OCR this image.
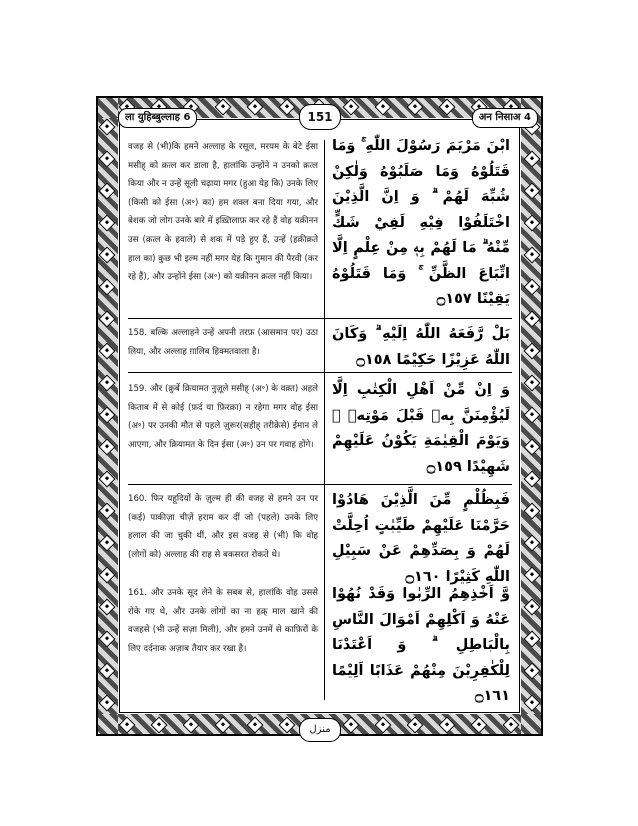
ला युहिब्बुल्लाह 6	151	अन निसाअ 4
वजह से (भी)कि हमने अल्लाह के रसूल, मरयम के बेटे ईसा मसीह् को क़त्ल कर डाला है, हालांकि उन्होंने न उनको क़त्ल किया और न उन्हें सूली चढ़ाया मगर (हुआ येह कि) उनके लिए (किसी को ईसा (अ॰) का) हम शक्ल बना दिया गया, और बेशक जो लोग उनके बारे में इख़्तिलाफ़ कर रहे हैं वोह यक़ीनन उस (क़त्ल के हवाले) से शक में पड़े हुए हैं, उन्हें (हक़ीक़ते हाल का) कुछ भी इल्म नहीं मगर येह कि गुमान की पैरवी (कर रहे हैं), और उन्होंने ईसा (अ॰) को यक़ीनन क़त्ल नहीं किया।
ابْنَ مَرْيَمَ رَسُوْلَ اللّٰهِ ۚ وَمَا قَتَلُوْهُ وَمَا صَلَبُوْهُ وَلٰكِنْ شُبِّهَ لَهُمْ ۗ وَ اِنَّ الَّذِيْنَ اخْتَلَفُوْا فِيْهِ لَفِيْ شَكٍّ مِّنْهُ ۗ مَا لَهُمْ بِهٖ مِنْ عِلْمٍ اِلَّا اتِّبَاعَ الظَّنِّ ۚ وَمَا قَتَلُوْهُ يَقِيْنًا ۝١٥٧
158. बल्कि अल्लाहने उन्हें अपनी तरफ़ (आसमान पर) उठा लिया, और अल्लाह ग़ालिब हिक्मतवाला है।
بَلْ رَّفَعَهُ اللّٰهُ اِلَيْهِ ۗ وَكَانَ اللّٰهُ عَزِيْزًا حَكِيْمًا ۝١٥٨
159. और (क़ुर्बे क़ियामत नुज़ूले मसीह् (अ॰) के वक़्त) अहले किताब में से कोई (फ़र्द या फ़िरक़ा) न रहेगा मगर वोह ईसा (अ॰) पर उनकी मौत से पहले ज़ुरूर(सहीह् तरीक़ेसे) ईमान ले आएगा, और क़ियामत के दिन ईसा (अ॰) उन पर गवाह होंगे।
وَ اِنْ مِّنْ اَهْلِ الْكِتٰبِ اِلَّا لَيُؤْمِنَنَّ بِهٖ قَبْلَ مَوْتِهٖ ۚ وَيَوْمَ الْقِيٰمَةِ يَكُوْنُ عَلَيْهِمْ شَهِيْدًا ۝١٥٩
160. फिर यहूदियों के ज़ुल्म ही की वजह से हमने उन पर (कई) पाकीज़ा चीज़ें हराम कर दीं जो (पहले) उनके लिए हलाल की जा चुकी थीं, और इस वजह से (भी) कि वोह (लोगों को) अल्लाह की राह से बकसरत रोकते थे।
فَبِظُلْمٍ مِّنَ الَّذِيْنَ هَادُوْا حَرَّمْنَا عَلَيْهِمْ طَيِّبٰتٍ اُحِلَّتْ لَهُمْ وَ بِصَدِّهِمْ عَنْ سَبِيْلِ اللّٰهِ كَثِيْرًا ۝١٦٠
161. और उनके सूद लेने के सबब से, हालांकि वोह उससे रोके गए थे, और उनके लोगों का ना हक़् माल खाने की वजहसे (भी उन्हें सज़ा मिली), और हमने उनमें से काफ़िरों के लिए दर्दनाक अज़ाब तैयार कर रखा है।
وَّ اَخْذِهِمُ الرِّبٰوا وَقَدْ نُهُوْا عَنْهُ وَ اَكْلِهِمْ اَمْوَالَ النَّاسِ بِالْبَاطِلِ ۗ وَ اَعْتَدْنَا لِلْكٰفِرِيْنَ مِنْهُمْ عَذَابًا اَلِيْمًا ۝١٦١
منزل
